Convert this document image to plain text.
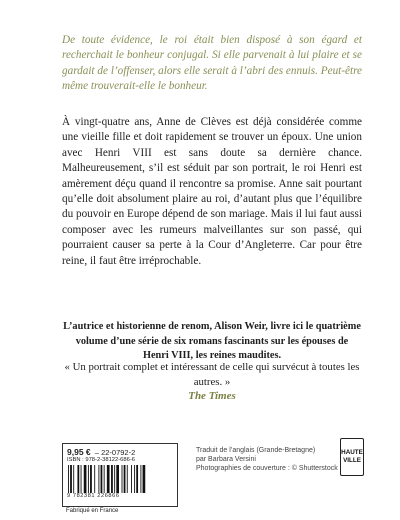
De toute évidence, le roi était bien disposé à son égard et recherchait le bonheur conjugal. Si elle parvenait à lui plaire et se gardait de l’offenser, alors elle serait à l’abri des ennuis. Peut-être même trouverait-elle le bonheur.

À vingt-quatre ans, Anne de Clèves est déjà considérée comme une vieille fille et doit rapidement se trouver un époux. Une union avec Henri VIII est sans doute sa dernière chance. Malheureusement, s’il est séduit par son portrait, le roi Henri est amèrement déçu quand il rencontre sa promise. Anne sait pourtant qu’elle doit absolument plaire au roi, d’autant plus que l’équilibre du pouvoir en Europe dépend de son mariage. Mais il lui faut aussi composer avec les rumeurs malveillantes sur son passé, qui pourraient causer sa perte à la Cour d’Angleterre. Car pour être reine, il faut être irréprochable.

L’autrice et historienne de renom, Alison Weir, livre ici le quatrième volume d’une série de six romans fascinants sur les épouses de Henri VIII, les reines maudites.
« Un portrait complet et intéressant de celle qui survécut à toutes les autres. »
The Times
9,95 €  – 22-0792-2
ISBN : 978-2-38122-686-6
9 782381 226866
Fabriqué en France
Traduit de l’anglais (Grande-Bretagne)
par Barbara Versini
Photographies de couverture : © Shutterstock
HAUTE
VILLE
